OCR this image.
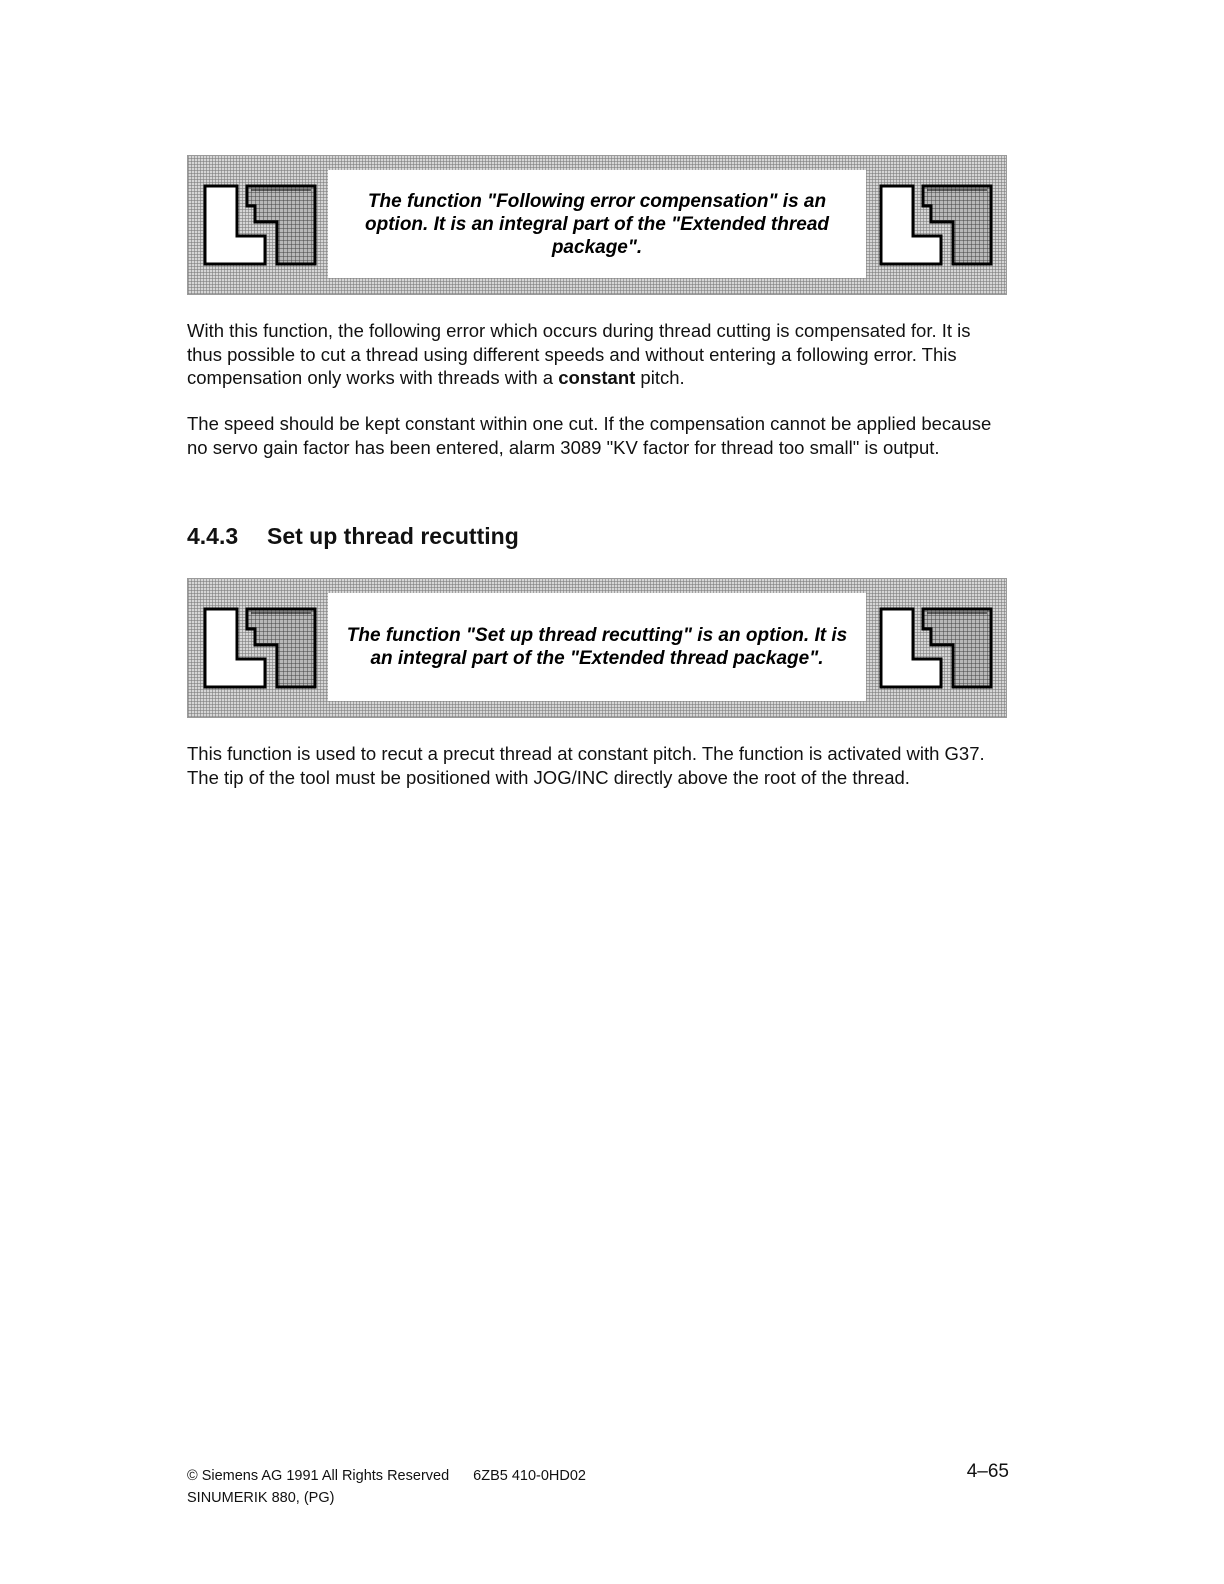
The function "Following error compensation" is an option. It is an integral part of the "Extended thread package".

With this function, the following error which occurs during thread cutting is compensated for. It is thus possible to cut a thread using different speeds and without entering a following error. This compensation only works with threads with a constant pitch.

The speed should be kept constant within one cut. If the compensation cannot be applied because no servo gain factor has been entered, alarm 3089 "KV factor for thread too small" is output.

4.4.3 Set up thread recutting

The function "Set up thread recutting" is an option. It is an integral part of the "Extended thread package".

This function is used to recut a precut thread at constant pitch. The function is activated with G37. The tip of the tool must be positioned with JOG/INC directly above the root of the thread.

© Siemens AG 1991 All Rights Reserved 6ZB5 410-0HD02
SINUMERIK 880, (PG)
4–65
